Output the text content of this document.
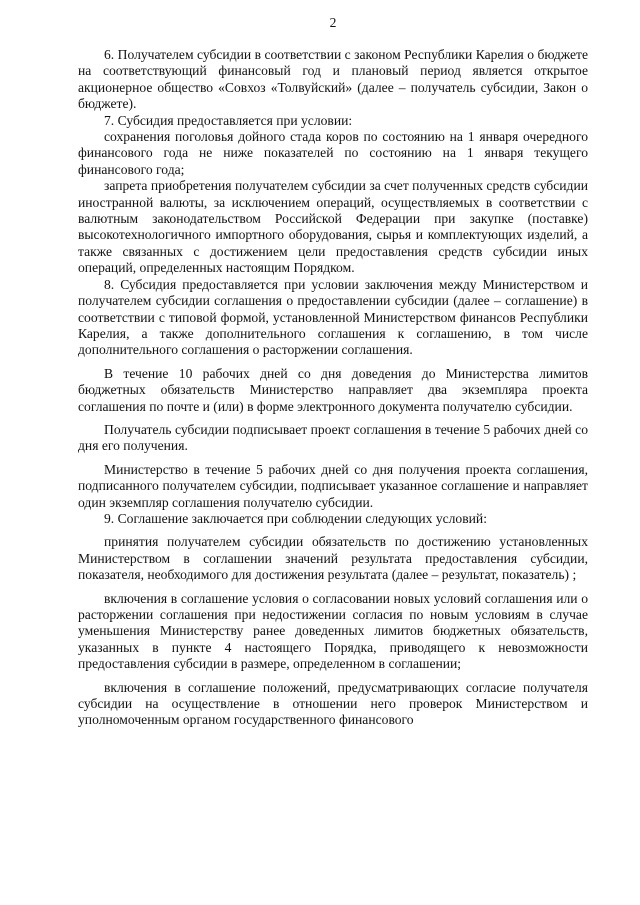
2

6. Получателем субсидии в соответствии с законом Республики Карелия о бюджете на соответствующий финансовый год и плановый период является открытое акционерное общество «Совхоз «Толвуйский» (далее – получатель субсидии, Закон о бюджете).

7. Субсидия предоставляется при условии:

сохранения поголовья дойного стада коров по состоянию на 1 января очередного финансового года не ниже показателей по состоянию на 1 января текущего финансового года;

запрета приобретения получателем субсидии за счет полученных средств субсидии иностранной валюты, за исключением операций, осуществляемых в соответствии с валютным законодательством Российской Федерации при закупке (поставке) высокотехнологичного импортного оборудования, сырья и комплектующих изделий, а также связанных с достижением цели предоставления средств субсидии иных операций, определенных настоящим Порядком.

8. Субсидия предоставляется при условии заключения между Министерством и получателем субсидии соглашения о предоставлении субсидии (далее – соглашение) в соответствии с типовой формой, установленной Министерством финансов Республики Карелия, а также дополнительного соглашения к соглашению, в том числе дополнительного соглашения о расторжении соглашения.

В течение 10 рабочих дней со дня доведения до Министерства лимитов бюджетных обязательств Министерство направляет два экземпляра проекта соглашения по почте и (или) в форме электронного документа получателю субсидии.

Получатель субсидии подписывает проект соглашения в течение 5 рабочих дней со дня его получения.

Министерство в течение 5 рабочих дней со дня получения проекта соглашения, подписанного получателем субсидии, подписывает указанное соглашение и направляет один экземпляр соглашения получателю субсидии.

9. Соглашение заключается при соблюдении следующих условий:

принятия получателем субсидии обязательств по достижению установленных Министерством в соглашении значений результата предоставления субсидии, показателя, необходимого для достижения результата (далее – результат, показатель) ;

включения в соглашение условия о согласовании новых условий соглашения или о расторжении соглашения при недостижении согласия по новым условиям в случае уменьшения Министерству ранее доведенных лимитов бюджетных обязательств, указанных в пункте 4 настоящего Порядка, приводящего к невозможности предоставления субсидии в размере, определенном в соглашении;

включения в соглашение положений, предусматривающих согласие получателя субсидии на осуществление в отношении него проверок Министерством и уполномоченным органом государственного финансового
